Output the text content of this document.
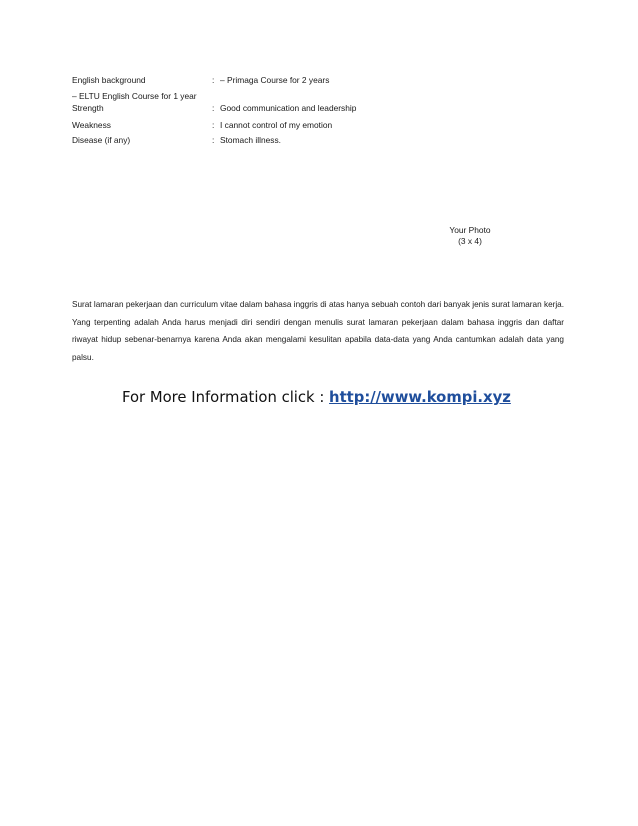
English background	: – Primaga Course for 2 years
– ELTU English Course for 1 year
Strength	: Good communication and leadership
Weakness	: I cannot control of my emotion
Disease (if any)	: Stomach illness.
Your Photo
(3 x 4)
Surat lamaran pekerjaan dan curriculum vitae dalam bahasa inggris di atas hanya sebuah contoh dari banyak jenis surat lamaran kerja. Yang terpenting adalah Anda harus menjadi diri sendiri dengan menulis surat lamaran pekerjaan dalam bahasa inggris dan daftar riwayat hidup sebenar-benarnya karena Anda akan mengalami kesulitan apabila data-data yang Anda cantumkan adalah data yang palsu.
For More Information click : http://www.kompi.xyz
